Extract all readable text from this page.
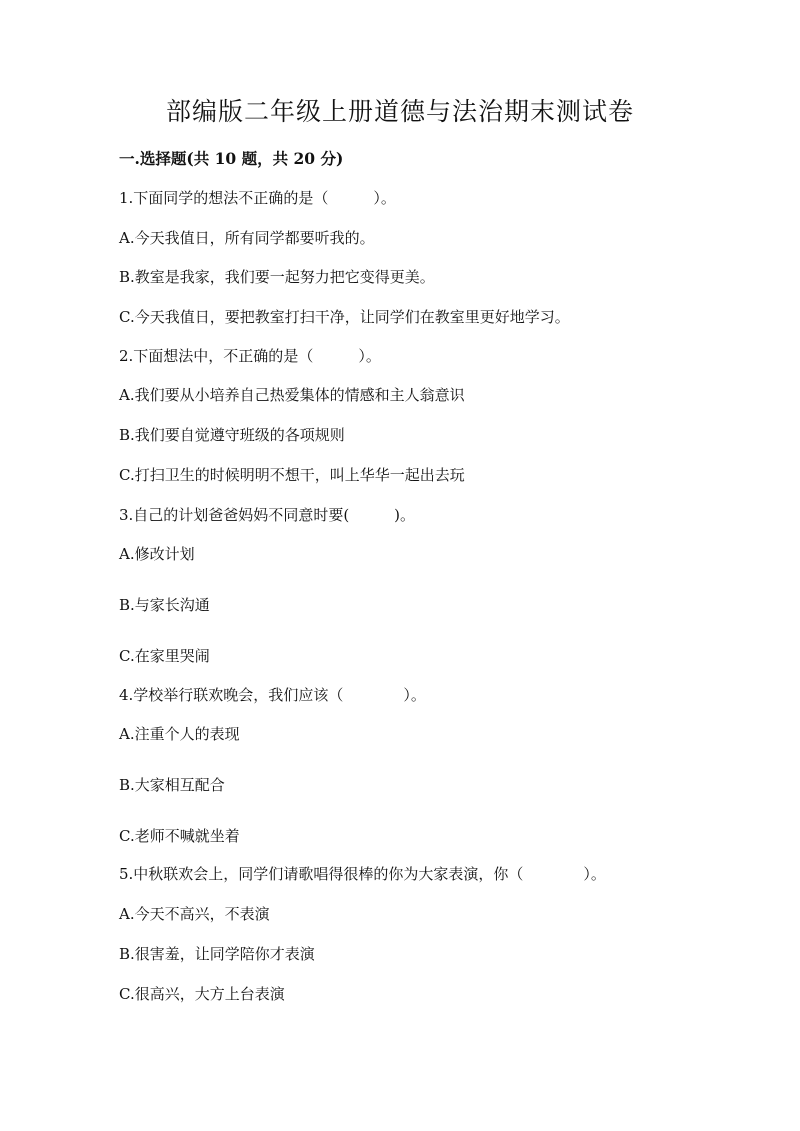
部编版二年级上册道德与法治期末测试卷
一.选择题(共 10 题，共 20 分)
1.下面同学的想法不正确的是（　　　）。
A.今天我值日，所有同学都要听我的。
B.教室是我家，我们要一起努力把它变得更美。
C.今天我值日，要把教室打扫干净，让同学们在教室里更好地学习。
2.下面想法中，不正确的是（　　　）。
A.我们要从小培养自己热爱集体的情感和主人翁意识
B.我们要自觉遵守班级的各项规则
C.打扫卫生的时候明明不想干，叫上华华一起出去玩
3.自己的计划爸爸妈妈不同意时要(　　　)。
A.修改计划
B.与家长沟通
C.在家里哭闹
4.学校举行联欢晚会，我们应该（　　　　）。
A.注重个人的表现
B.大家相互配合
C.老师不喊就坐着
5.中秋联欢会上，同学们请歌唱得很棒的你为大家表演，你（　　　　）。
A.今天不高兴，不表演
B.很害羞，让同学陪你才表演
C.很高兴，大方上台表演
